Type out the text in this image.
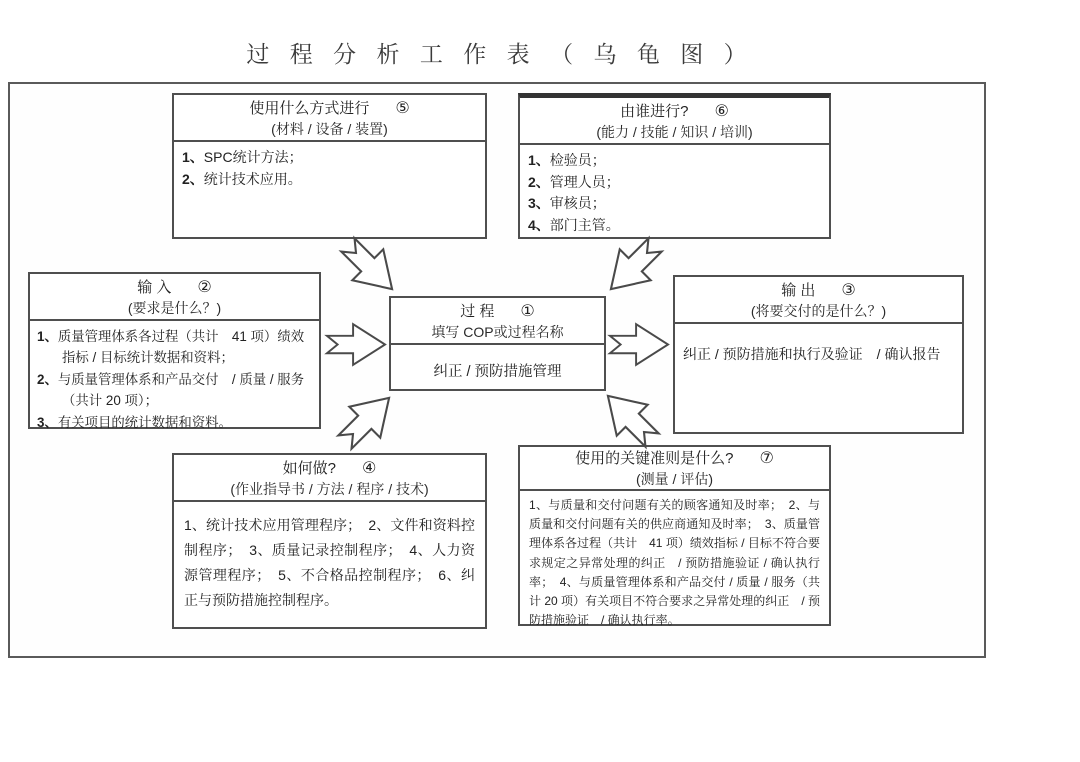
过 程 分 析 工 作 表 （ 乌 龟 图 ）
使用什么方式进行 ⑤
(材料 / 设备 / 装置)
1、SPC统计方法；
2、统计技术应用。
由谁进行? ⑥
(能力 / 技能 / 知识 / 培训)
1、检验员；
2、管理人员；
3、审核员；
4、部门主管。
输 入 ②
(要求是什么？)
1、质量管理体系各过程（共计　41 项）绩效指标 / 目标统计数据和资料；
2、与质量管理体系和产品交付　/ 质量 / 服务（共计 20 项）；
3、有关项目的统计数据和资料。
过 程 ①
填写 COP或过程名称
纠正 / 预防措施管理
输 出 ③
(将要交付的是什么？)
纠正 / 预防措施和执行及验证　/ 确认报告
如何做? ④
(作业指导书 / 方法 / 程序 / 技术)
1、统计技术应用管理程序；　2、文件和资料控制程序；　3、质量记录控制程序；　4、人力资源管理程序；　5、不合格品控制程序；　6、纠正与预防措施控制程序。
使用的关键准则是什么? ⑦
(测量 / 评估)
1、与质量和交付问题有关的顾客通知及时率；　2、与质量和交付问题有关的供应商通知及时率；　3、质量管理体系各过程（共计　41 项）绩效指标 / 目标不符合要求规定之异常处理的纠正　/ 预防措施验证 / 确认执行率；　4、与质量管理体系和产品交付 / 质量 / 服务（共计 20 项）有关项目不符合要求之异常处理的纠正　/ 预防措施验证　/ 确认执行率。
